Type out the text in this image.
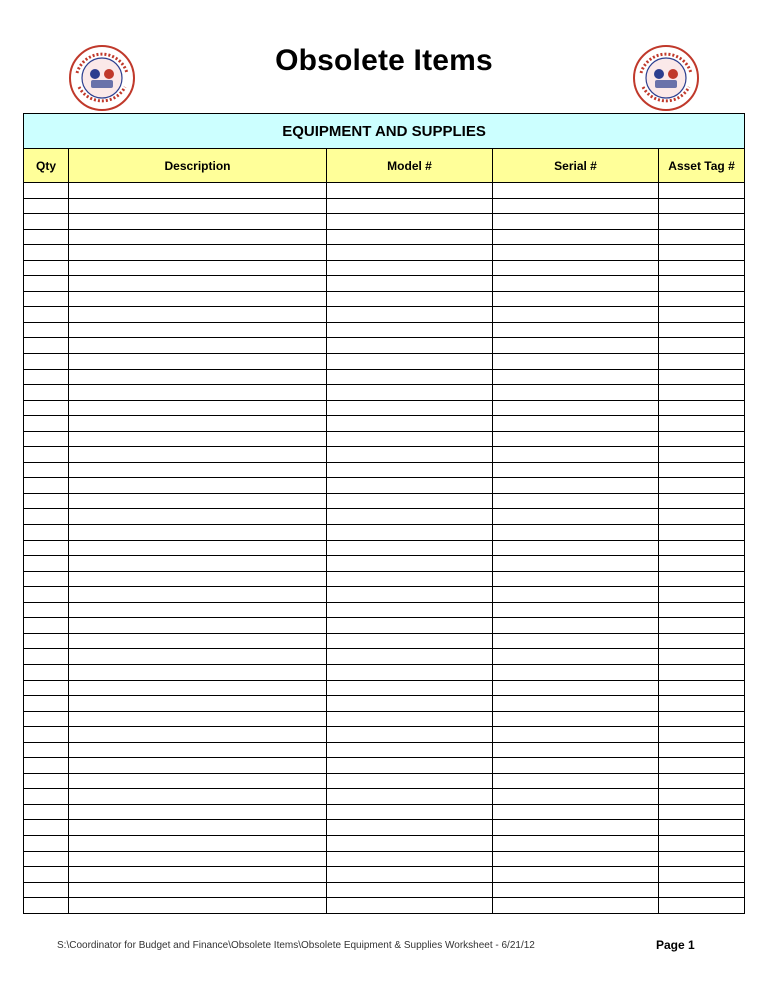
Obsolete Items
EQUIPMENT AND SUPPLIES				
Qty	Description	Model #	Serial #	Asset Tag #

S:\Coordinator for Budget and Finance\Obsolete Items\Obsolete Equipment & Supplies Worksheet - 6/21/12	Page 1
